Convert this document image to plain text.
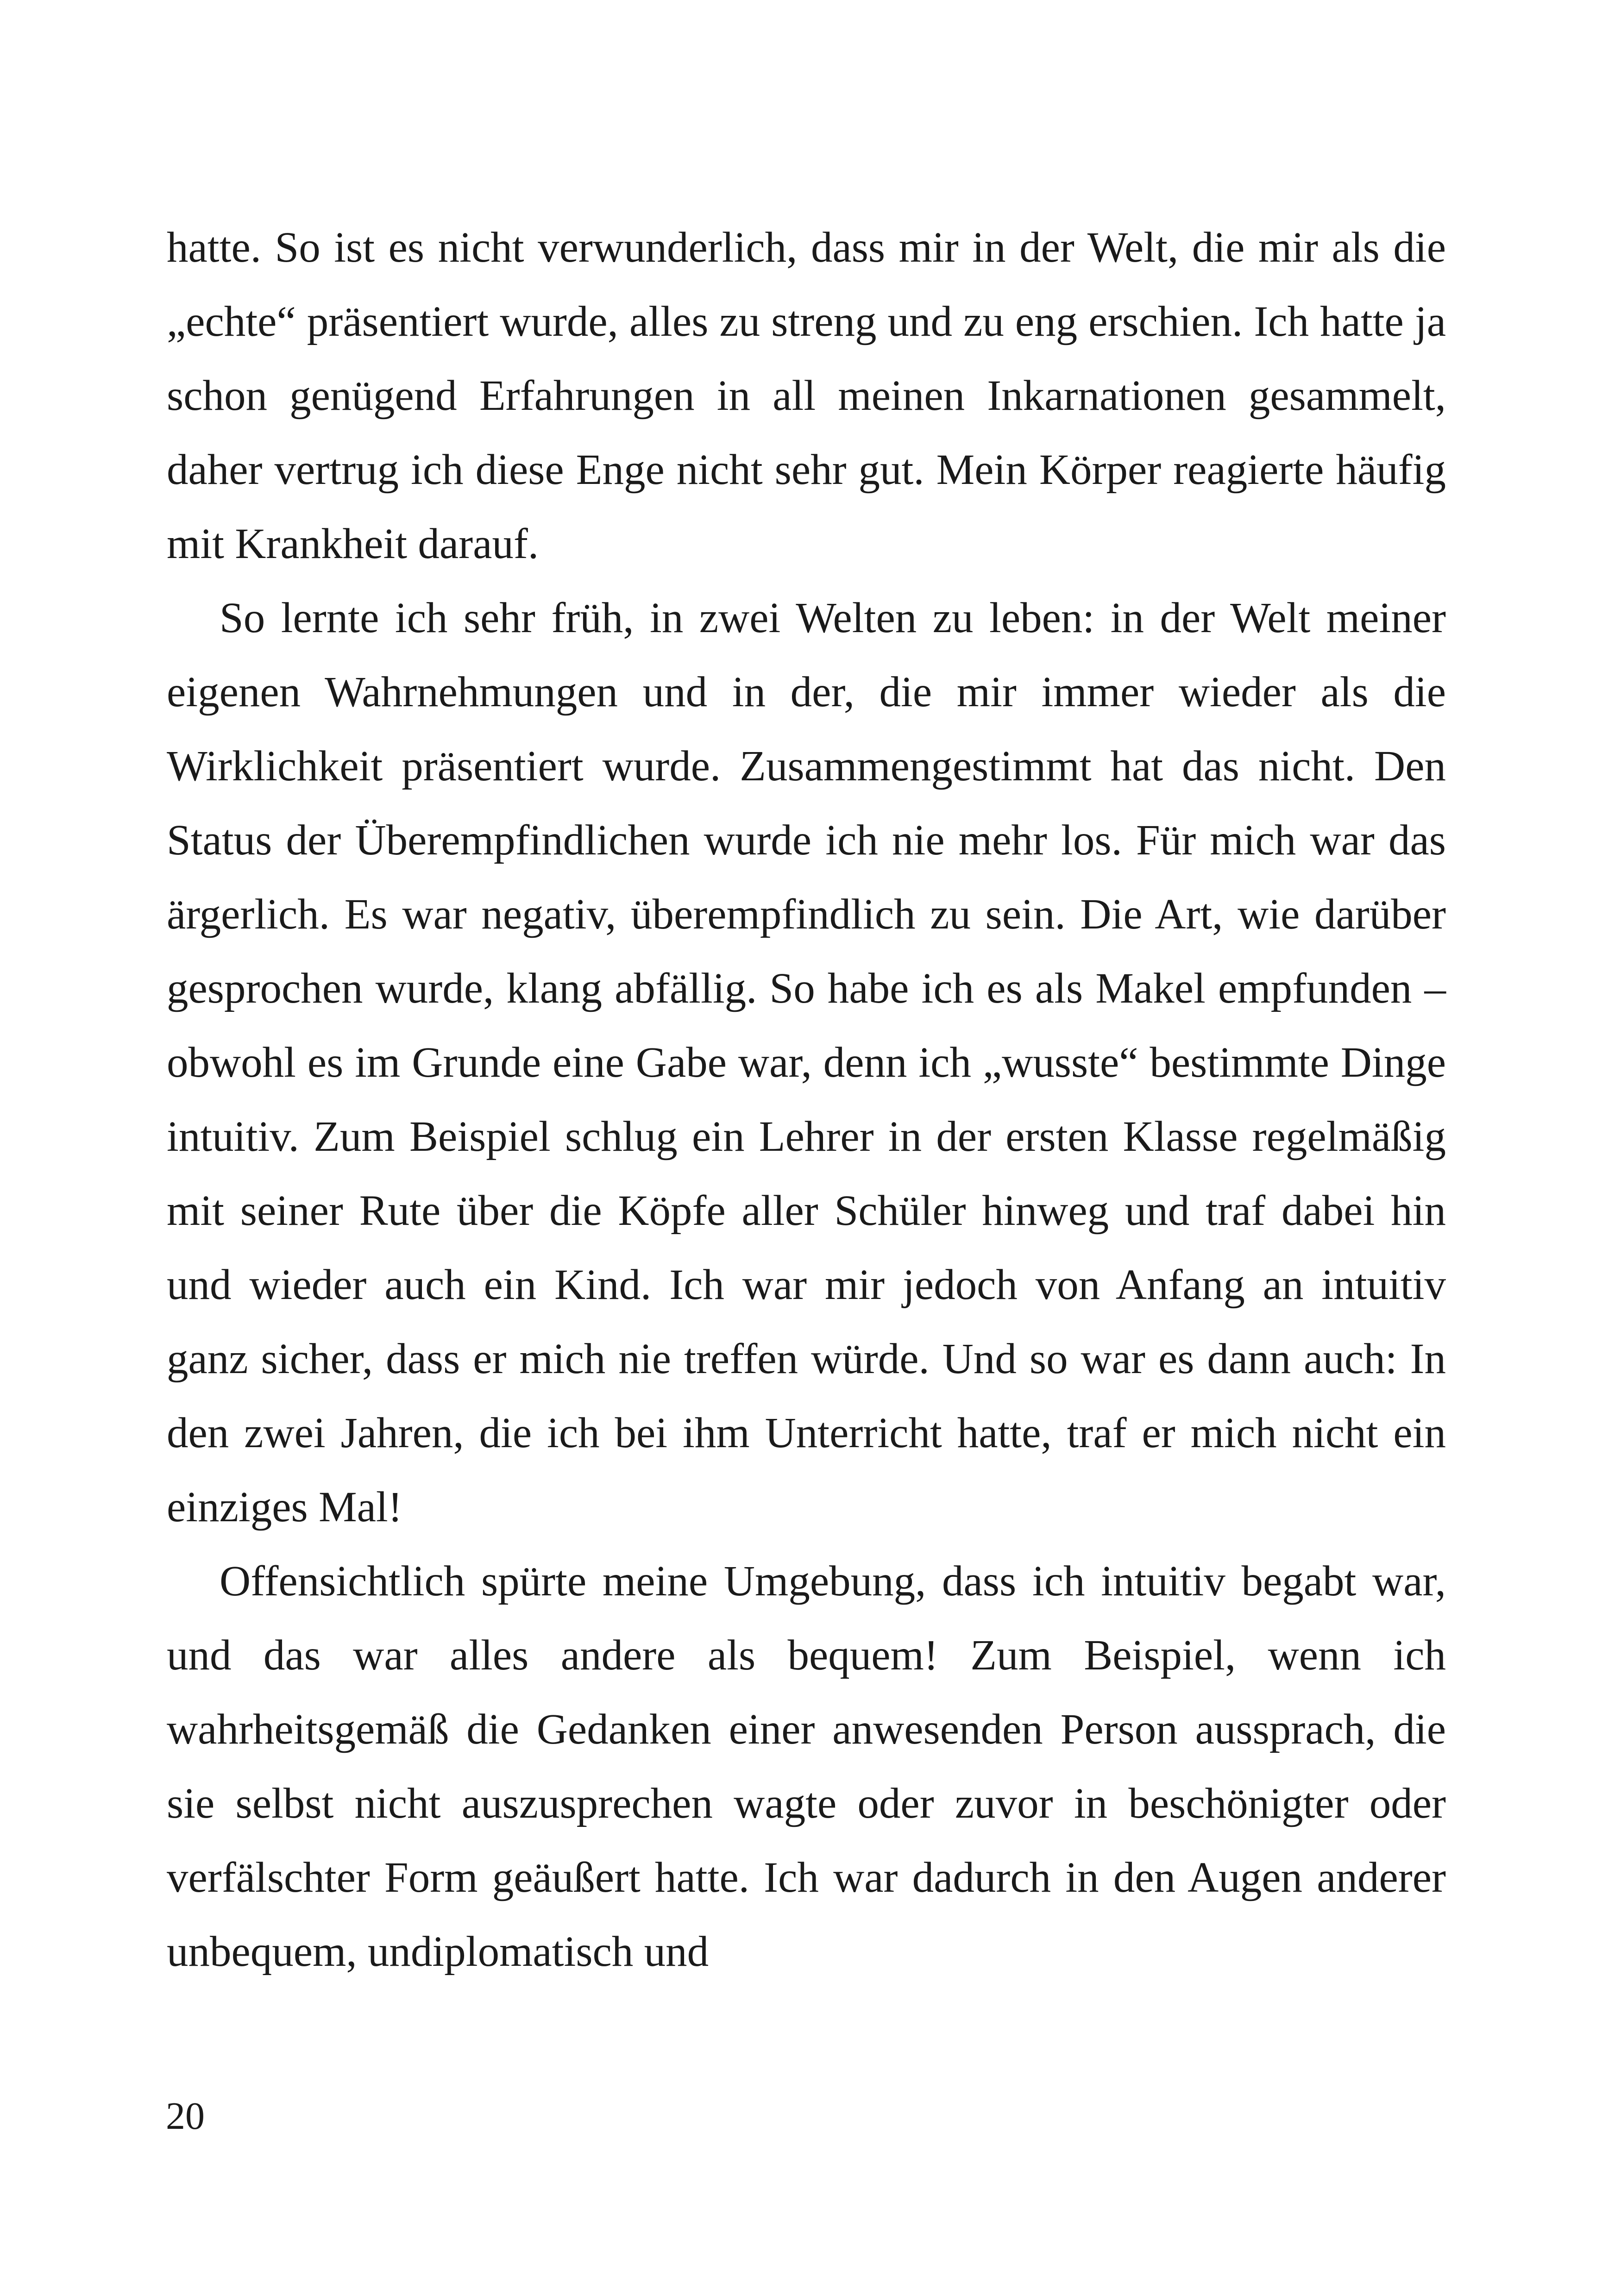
hatte. So ist es nicht verwunderlich, dass mir in der Welt, die mir als die „echte“ präsentiert wurde, alles zu streng und zu eng erschien. Ich hatte ja schon genügend Erfahrungen in all meinen Inkarnationen gesammelt, daher vertrug ich diese Enge nicht sehr gut. Mein Körper reagierte häufig mit Krankheit darauf.

So lernte ich sehr früh, in zwei Welten zu leben: in der Welt meiner eigenen Wahrnehmungen und in der, die mir immer wieder als die Wirklichkeit präsentiert wurde. Zusammengestimmt hat das nicht. Den Status der Überempfindlichen wurde ich nie mehr los. Für mich war das ärgerlich. Es war negativ, überempfindlich zu sein. Die Art, wie darüber gesprochen wurde, klang abfällig. So habe ich es als Makel empfunden – obwohl es im Grunde eine Gabe war, denn ich „wusste“ bestimmte Dinge intuitiv. Zum Beispiel schlug ein Lehrer in der ersten Klasse regelmäßig mit seiner Rute über die Köpfe aller Schüler hinweg und traf dabei hin und wieder auch ein Kind. Ich war mir jedoch von Anfang an intuitiv ganz sicher, dass er mich nie treffen würde. Und so war es dann auch: In den zwei Jahren, die ich bei ihm Unterricht hatte, traf er mich nicht ein einziges Mal!

Offensichtlich spürte meine Umgebung, dass ich intuitiv begabt war, und das war alles andere als bequem! Zum Beispiel, wenn ich wahrheitsgemäß die Gedanken einer anwesenden Person aussprach, die sie selbst nicht auszusprechen wagte oder zuvor in beschönigter oder verfälschter Form geäußert hatte. Ich war dadurch in den Augen anderer unbequem, undiplomatisch und

20
